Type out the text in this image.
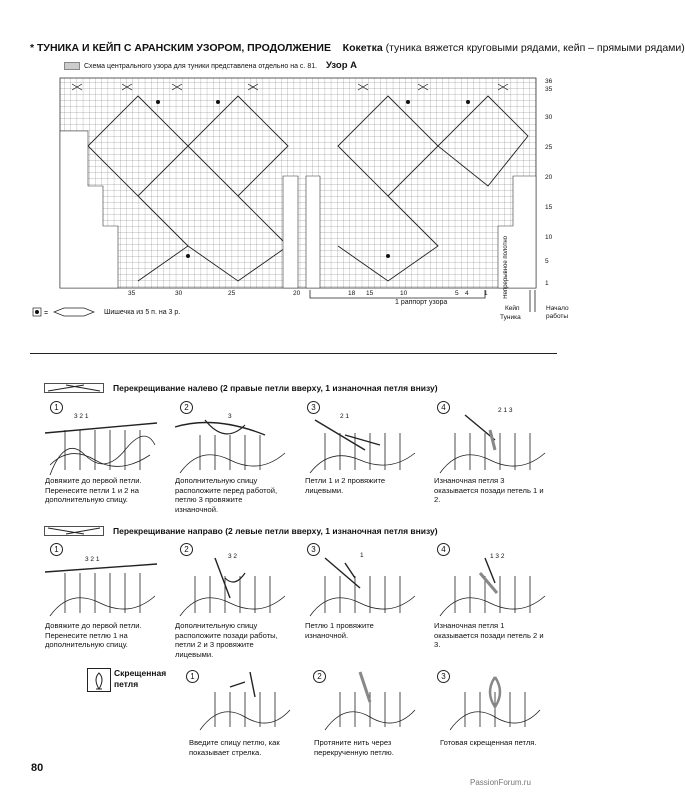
* ТУНИКА И КЕЙП С АРАНСКИМ УЗОРОМ, ПРОДОЛЖЕНИЕ Кокетка (туника вяжется круговыми рядами, кейп – прямыми рядами)
Схема центрального узора для туники представлена отдельно на с. 81. Узор А
36
35
30
25
20
15
10
5
1
Непрерывное полотно
35	30	25	20	18 15	10	5 4 1
1 раппорт узора
Кейп
Туника
Начало работы
=	Шишечка из 5 п. на 3 р.
Перекрещивание налево (2 правые петли вверху, 1 изнаночная петля внизу)
1	2	3	4
3 2 1	3	2 1
2 1 3
Довяжите до первой петли. Перенесите петли 1 и 2 на дополнительную спицу.
Дополнительную спицу расположите перед работой, петлю 3 провяжите изнаночной.
Петли 1 и 2 провяжите лицевыми.
Изнаночная петля 3 оказывается позади петель 1 и 2.
Перекрещивание направо (2 левые петли вверху, 1 изнаночная петля внизу)
1	2	3	4
3 2 1	3 2	1	1 3 2
Довяжите до первой петли. Перенесите петлю 1 на дополнительную спицу.
Дополнительную спицу расположите позади работы, петли 2 и 3 провяжите лицевыми.
Петлю 1 провяжите изнаночной.
Изнаночная петля 1 оказывается позади петель 2 и 3.
Скрещенная петля
1	2	3
Введите спицу петлю, как показывает стрелка.
Протяните нить через перекрученную петлю.
Готовая скрещенная петля.
80
PassionForum.ru
